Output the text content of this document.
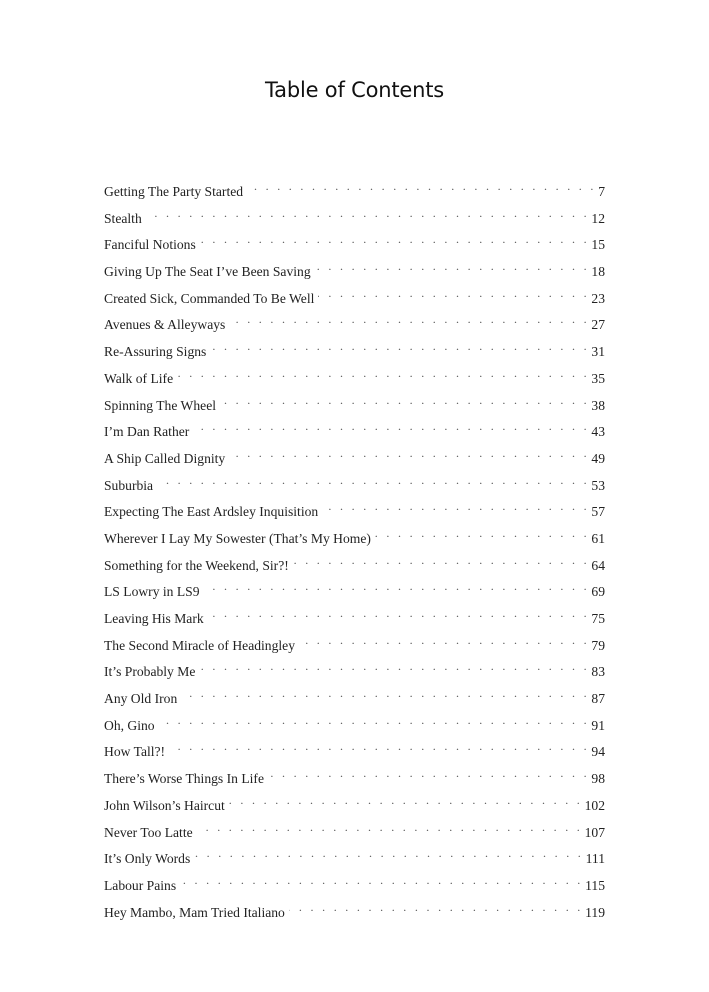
Table of Contents
Getting The Party Started . . .	7
Stealth . . .	12
Fanciful Notions . . .	15
Giving Up The Seat I’ve Been Saving . . .	18
Created Sick, Commanded To Be Well . . .	23
Avenues & Alleyways . . .	27
Re-Assuring Signs . . .	31
Walk of Life . . .	35
Spinning The Wheel . . .	38
I’m Dan Rather . . .	43
A Ship Called Dignity . . .	49
Suburbia . . .	53
Expecting The East Ardsley Inquisition . . .	57
Wherever I Lay My Sowester (That’s My Home) . . .	61
Something for the Weekend, Sir?! . . .	64
LS Lowry in LS9 . . .	69
Leaving His Mark . . .	75
The Second Miracle of Headingley . . .	79
It’s Probably Me . . .	83
Any Old Iron . . .	87
Oh, Gino . . .	91
How Tall?! . . .	94
There’s Worse Things In Life . . .	98
John Wilson’s Haircut . . .	102
Never Too Latte . . .	107
It’s Only Words . . .	111
Labour Pains . . .	115
Hey Mambo, Mam Tried Italiano . . .	119
